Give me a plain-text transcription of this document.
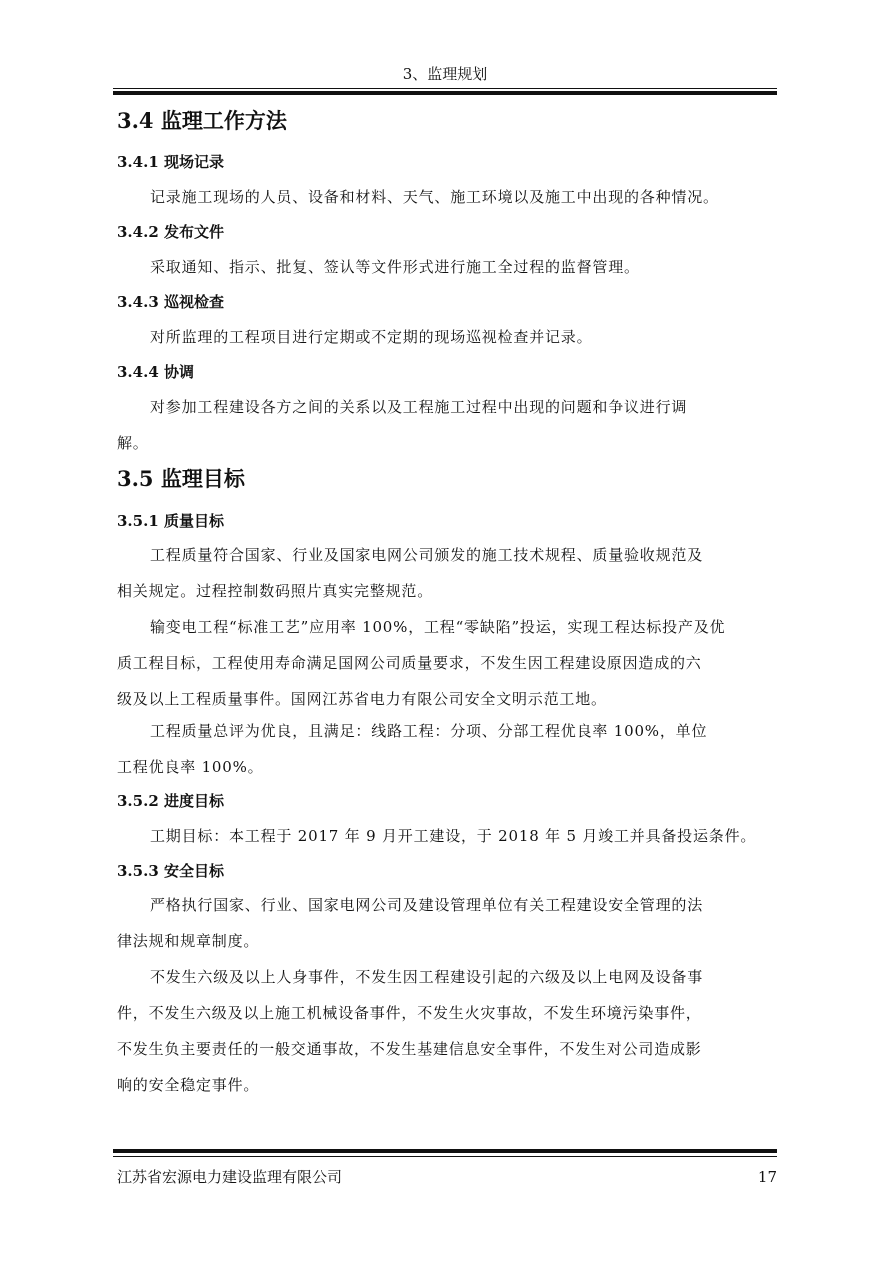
3、监理规划
3.4 监理工作方法
3.4.1 现场记录
记录施工现场的人员、设备和材料、天气、施工环境以及施工中出现的各种情况。
3.4.2 发布文件
采取通知、指示、批复、签认等文件形式进行施工全过程的监督管理。
3.4.3 巡视检查
对所监理的工程项目进行定期或不定期的现场巡视检查并记录。
3.4.4 协调
对参加工程建设各方之间的关系以及工程施工过程中出现的问题和争议进行调
解。
3.5 监理目标
3.5.1 质量目标
工程质量符合国家、行业及国家电网公司颁发的施工技术规程、质量验收规范及
相关规定。过程控制数码照片真实完整规范。
输变电工程“标准工艺”应用率 100%，工程“零缺陷”投运，实现工程达标投产及优
质工程目标，工程使用寿命满足国网公司质量要求，不发生因工程建设原因造成的六
级及以上工程质量事件。国网江苏省电力有限公司安全文明示范工地。
工程质量总评为优良，且满足：线路工程：分项、分部工程优良率 100%，单位
工程优良率 100%。
3.5.2 进度目标
工期目标：本工程于 2017 年 9 月开工建设，于 2018 年 5 月竣工并具备投运条件。
3.5.3 安全目标
严格执行国家、行业、国家电网公司及建设管理单位有关工程建设安全管理的法
律法规和规章制度。
不发生六级及以上人身事件，不发生因工程建设引起的六级及以上电网及设备事
件，不发生六级及以上施工机械设备事件，不发生火灾事故，不发生环境污染事件，
不发生负主要责任的一般交通事故，不发生基建信息安全事件，不发生对公司造成影
响的安全稳定事件。
江苏省宏源电力建设监理有限公司	17
